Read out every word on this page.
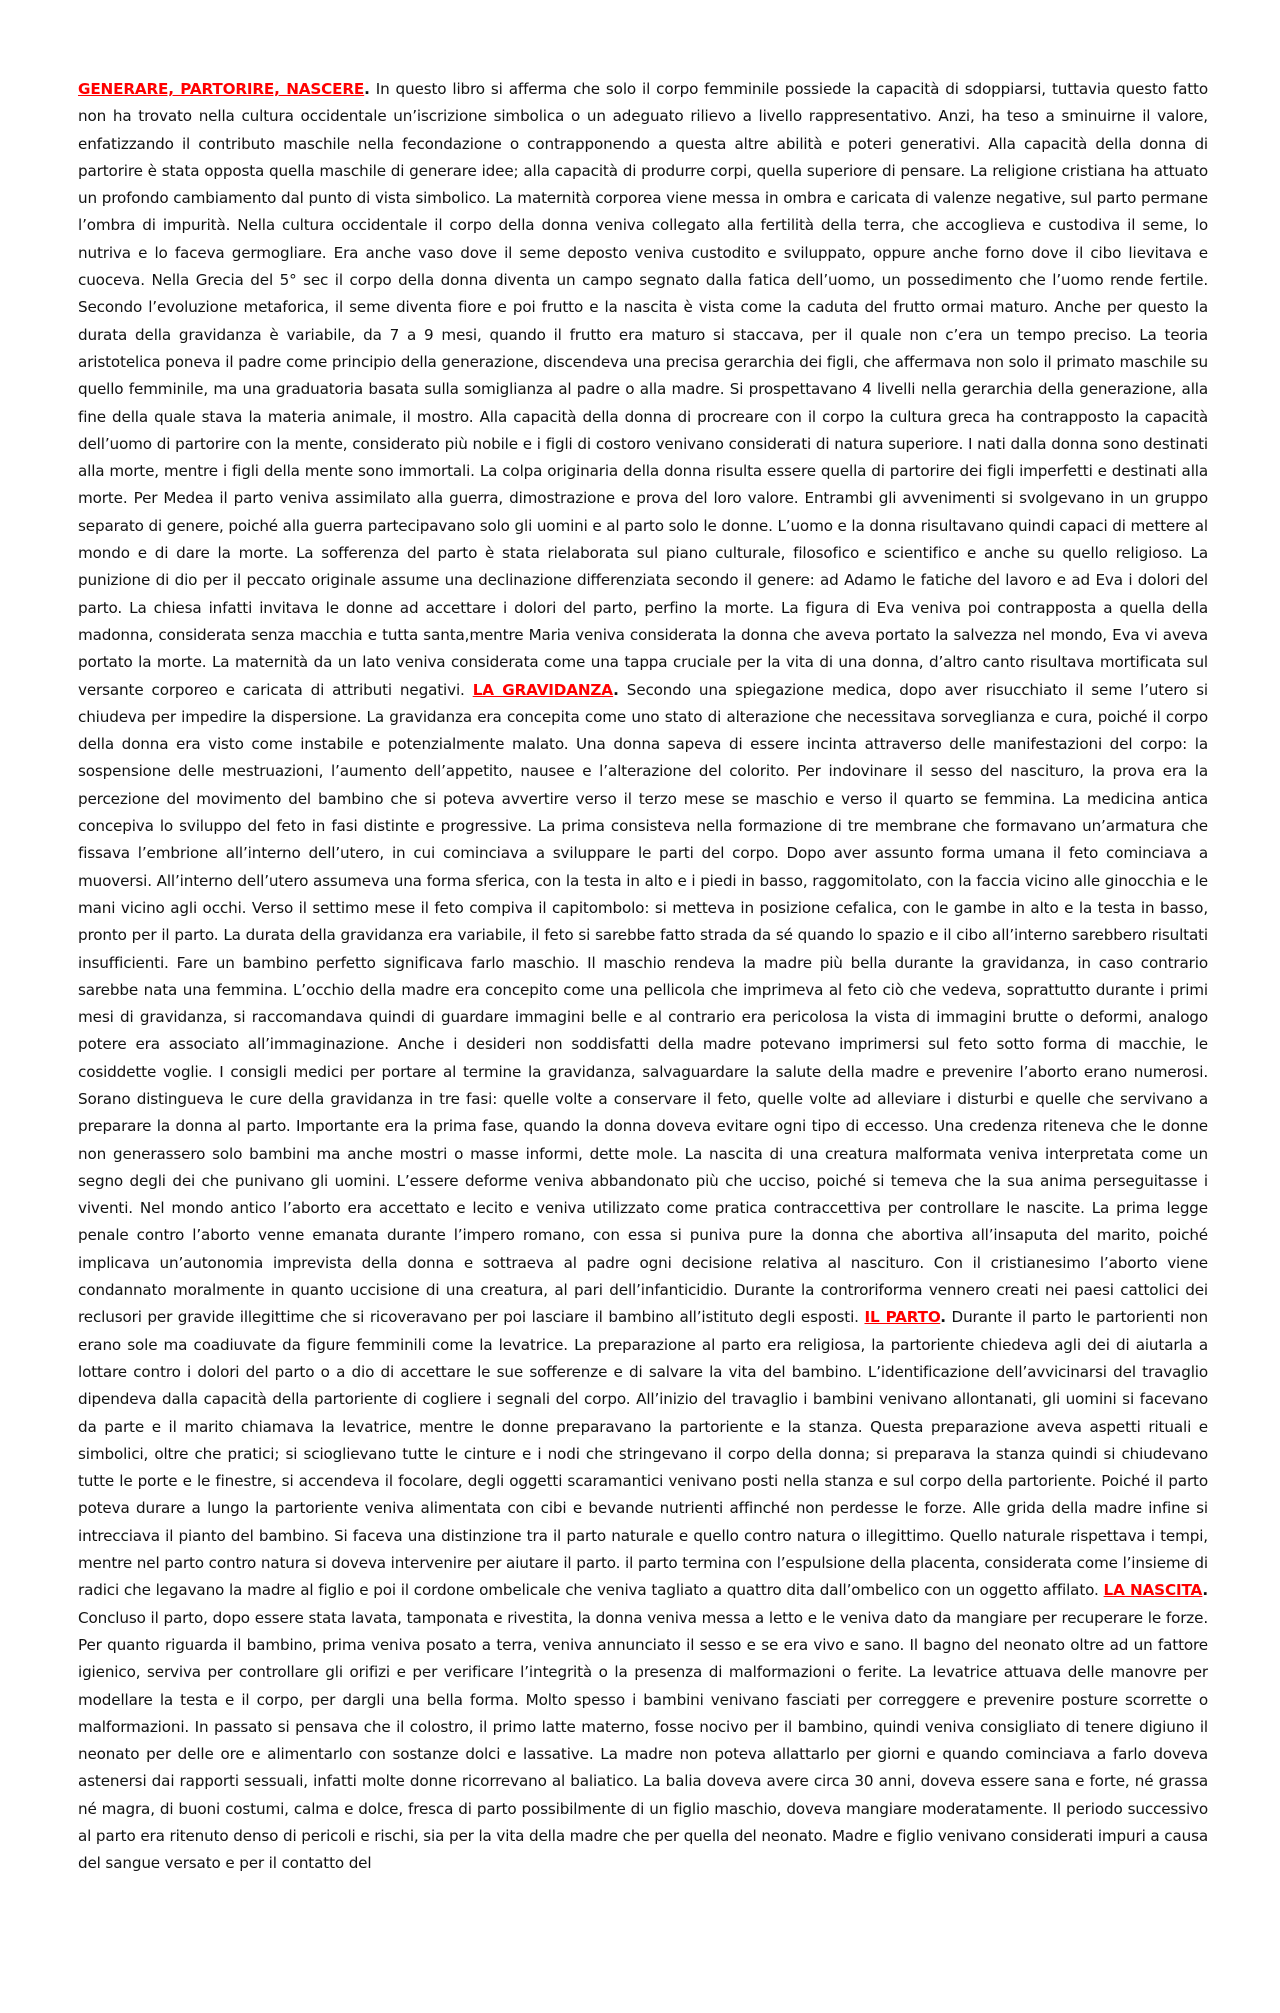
GENERARE, PARTORIRE, NASCERE. In questo libro si afferma che solo il corpo femminile possiede la capacità di sdoppiarsi, tuttavia questo fatto non ha trovato nella cultura occidentale un’iscrizione simbolica o un adeguato rilievo a livello rappresentativo. Anzi, ha teso a sminuirne il valore, enfatizzando il contributo maschile nella fecondazione o contrapponendo a questa altre abilità e poteri generativi. Alla capacità della donna di partorire è stata opposta quella maschile di generare idee; alla capacità di produrre corpi, quella superiore di pensare. La religione cristiana ha attuato un profondo cambiamento dal punto di vista simbolico. La maternità corporea viene messa in ombra e caricata di valenze negative, sul parto permane l’ombra di impurità. Nella cultura occidentale il corpo della donna veniva collegato alla fertilità della terra, che accoglieva e custodiva il seme, lo nutriva e lo faceva germogliare. Era anche vaso dove il seme deposto veniva custodito e sviluppato, oppure anche forno dove il cibo lievitava e cuoceva. Nella Grecia del 5° sec il corpo della donna diventa un campo segnato dalla fatica dell’uomo, un possedimento che l’uomo rende fertile. Secondo l’evoluzione metaforica, il seme diventa fiore e poi frutto e la nascita è vista come la caduta del frutto ormai maturo. Anche per questo la durata della gravidanza è variabile, da 7 a 9 mesi, quando il frutto era maturo si staccava, per il quale non c’era un tempo preciso. La teoria aristotelica poneva il padre come principio della generazione, discendeva una precisa gerarchia dei figli, che affermava non solo il primato maschile su quello femminile, ma una graduatoria basata sulla somiglianza al padre o alla madre. Si prospettavano 4 livelli nella gerarchia della generazione, alla fine della quale stava la materia animale, il mostro. Alla capacità della donna di procreare con il corpo la cultura greca ha contrapposto la capacità dell’uomo di partorire con la mente, considerato più nobile e i figli di costoro venivano considerati di natura superiore. I nati dalla donna sono destinati alla morte, mentre i figli della mente sono immortali. La colpa originaria della donna risulta essere quella di partorire dei figli imperfetti e destinati alla morte. Per Medea il parto veniva assimilato alla guerra, dimostrazione e prova del loro valore. Entrambi gli avvenimenti si svolgevano in un gruppo separato di genere, poiché alla guerra partecipavano solo gli uomini e al parto solo le donne. L’uomo e la donna risultavano quindi capaci di mettere al mondo e di dare la morte. La sofferenza del parto è stata rielaborata sul piano culturale, filosofico e scientifico e anche su quello religioso. La punizione di dio per il peccato originale assume una declinazione differenziata secondo il genere: ad Adamo le fatiche del lavoro e ad Eva i dolori del parto. La chiesa infatti invitava le donne ad accettare i dolori del parto, perfino la morte. La figura di Eva veniva poi contrapposta a quella della madonna, considerata senza macchia e tutta santa,mentre Maria veniva considerata la donna che aveva portato la salvezza nel mondo, Eva vi aveva portato la morte. La maternità da un lato veniva considerata come una tappa cruciale per la vita di una donna, d’altro canto risultava mortificata sul versante corporeo e caricata di attributi negativi. LA GRAVIDANZA. Secondo una spiegazione medica, dopo aver risucchiato il seme l’utero si chiudeva per impedire la dispersione. La gravidanza era concepita come uno stato di alterazione che necessitava sorveglianza e cura, poiché il corpo della donna era visto come instabile e potenzialmente malato. Una donna sapeva di essere incinta attraverso delle manifestazioni del corpo: la sospensione delle mestruazioni, l’aumento dell’appetito, nausee e l’alterazione del colorito. Per indovinare il sesso del nascituro, la prova era la percezione del movimento del bambino che si poteva avvertire verso il terzo mese se maschio e verso il quarto se femmina. La medicina antica concepiva lo sviluppo del feto in fasi distinte e progressive. La prima consisteva nella formazione di tre membrane che formavano un’armatura che fissava l’embrione all’interno dell’utero, in cui cominciava a sviluppare le parti del corpo. Dopo aver assunto forma umana il feto cominciava a muoversi. All’interno dell’utero assumeva una forma sferica, con la testa in alto e i piedi in basso, raggomitolato, con la faccia vicino alle ginocchia e le mani vicino agli occhi. Verso il settimo mese il feto compiva il capitombolo: si metteva in posizione cefalica, con le gambe in alto e la testa in basso, pronto per il parto. La durata della gravidanza era variabile, il feto si sarebbe fatto strada da sé quando lo spazio e il cibo all’interno sarebbero risultati insufficienti. Fare un bambino perfetto significava farlo maschio. Il maschio rendeva la madre più bella durante la gravidanza, in caso contrario sarebbe nata una femmina. L’occhio della madre era concepito come una pellicola che imprimeva al feto ciò che vedeva, soprattutto durante i primi mesi di gravidanza, si raccomandava quindi di guardare immagini belle e al contrario era pericolosa la vista di immagini brutte o deformi, analogo potere era associato all’immaginazione. Anche i desideri non soddisfatti della madre potevano imprimersi sul feto sotto forma di macchie, le cosiddette voglie. I consigli medici per portare al termine la gravidanza, salvaguardare la salute della madre e prevenire l’aborto erano numerosi. Sorano distingueva le cure della gravidanza in tre fasi: quelle volte a conservare il feto, quelle volte ad alleviare i disturbi e quelle che servivano a preparare la donna al parto. Importante era la prima fase, quando la donna doveva evitare ogni tipo di eccesso. Una credenza riteneva che le donne non generassero solo bambini ma anche mostri o masse informi, dette mole. La nascita di una creatura malformata veniva interpretata come un segno degli dei che punivano gli uomini. L’essere deforme veniva abbandonato più che ucciso, poiché si temeva che la sua anima perseguitasse i viventi. Nel mondo antico l’aborto era accettato e lecito e veniva utilizzato come pratica contraccettiva per controllare le nascite. La prima legge penale contro l’aborto venne emanata durante l’impero romano, con essa si puniva pure la donna che abortiva all’insaputa del marito, poiché implicava un’autonomia imprevista della donna e sottraeva al padre ogni decisione relativa al nascituro. Con il cristianesimo l’aborto viene condannato moralmente in quanto uccisione di una creatura, al pari dell’infanticidio. Durante la controriforma vennero creati nei paesi cattolici dei reclusori per gravide illegittime che si ricoveravano per poi lasciare il bambino all’istituto degli esposti. IL PARTO. Durante il parto le partorienti non erano sole ma coadiuvate da figure femminili come la levatrice. La preparazione al parto era religiosa, la partoriente chiedeva agli dei di aiutarla a lottare contro i dolori del parto o a dio di accettare le sue sofferenze e di salvare la vita del bambino. L’identificazione dell’avvicinarsi del travaglio dipendeva dalla capacità della partoriente di cogliere i segnali del corpo. All’inizio del travaglio i bambini venivano allontanati, gli uomini si facevano da parte e il marito chiamava la levatrice, mentre le donne preparavano la partoriente e la stanza. Questa preparazione aveva aspetti rituali e simbolici, oltre che pratici; si scioglievano tutte le cinture e i nodi che stringevano il corpo della donna; si preparava la stanza quindi si chiudevano tutte le porte e le finestre, si accendeva il focolare, degli oggetti scaramantici venivano posti nella stanza e sul corpo della partoriente. Poiché il parto poteva durare a lungo la partoriente veniva alimentata con cibi e bevande nutrienti affinché non perdesse le forze. Alle grida della madre infine si intrecciava il pianto del bambino. Si faceva una distinzione tra il parto naturale e quello contro natura o illegittimo. Quello naturale rispettava i tempi, mentre nel parto contro natura si doveva intervenire per aiutare il parto. il parto termina con l’espulsione della placenta, considerata come l’insieme di radici che legavano la madre al figlio e poi il cordone ombelicale che veniva tagliato a quattro dita dall’ombelico con un oggetto affilato. LA NASCITA. Concluso il parto, dopo essere stata lavata, tamponata e rivestita, la donna veniva messa a letto e le veniva dato da mangiare per recuperare le forze. Per quanto riguarda il bambino, prima veniva posato a terra, veniva annunciato il sesso e se era vivo e sano. Il bagno del neonato oltre ad un fattore igienico, serviva per controllare gli orifizi e per verificare l’integrità o la presenza di malformazioni o ferite. La levatrice attuava delle manovre per modellare la testa e il corpo, per dargli una bella forma. Molto spesso i bambini venivano fasciati per correggere e prevenire posture scorrette o malformazioni. In passato si pensava che il colostro, il primo latte materno, fosse nocivo per il bambino, quindi veniva consigliato di tenere digiuno il neonato per delle ore e alimentarlo con sostanze dolci e lassative. La madre non poteva allattarlo per giorni e quando cominciava a farlo doveva astenersi dai rapporti sessuali, infatti molte donne ricorrevano al baliatico. La balia doveva avere circa 30 anni, doveva essere sana e forte, né grassa né magra, di buoni costumi, calma e dolce, fresca di parto possibilmente di un figlio maschio, doveva mangiare moderatamente. Il periodo successivo al parto era ritenuto denso di pericoli e rischi, sia per la vita della madre che per quella del neonato. Madre e figlio venivano considerati impuri a causa del sangue versato e per il contatto del
